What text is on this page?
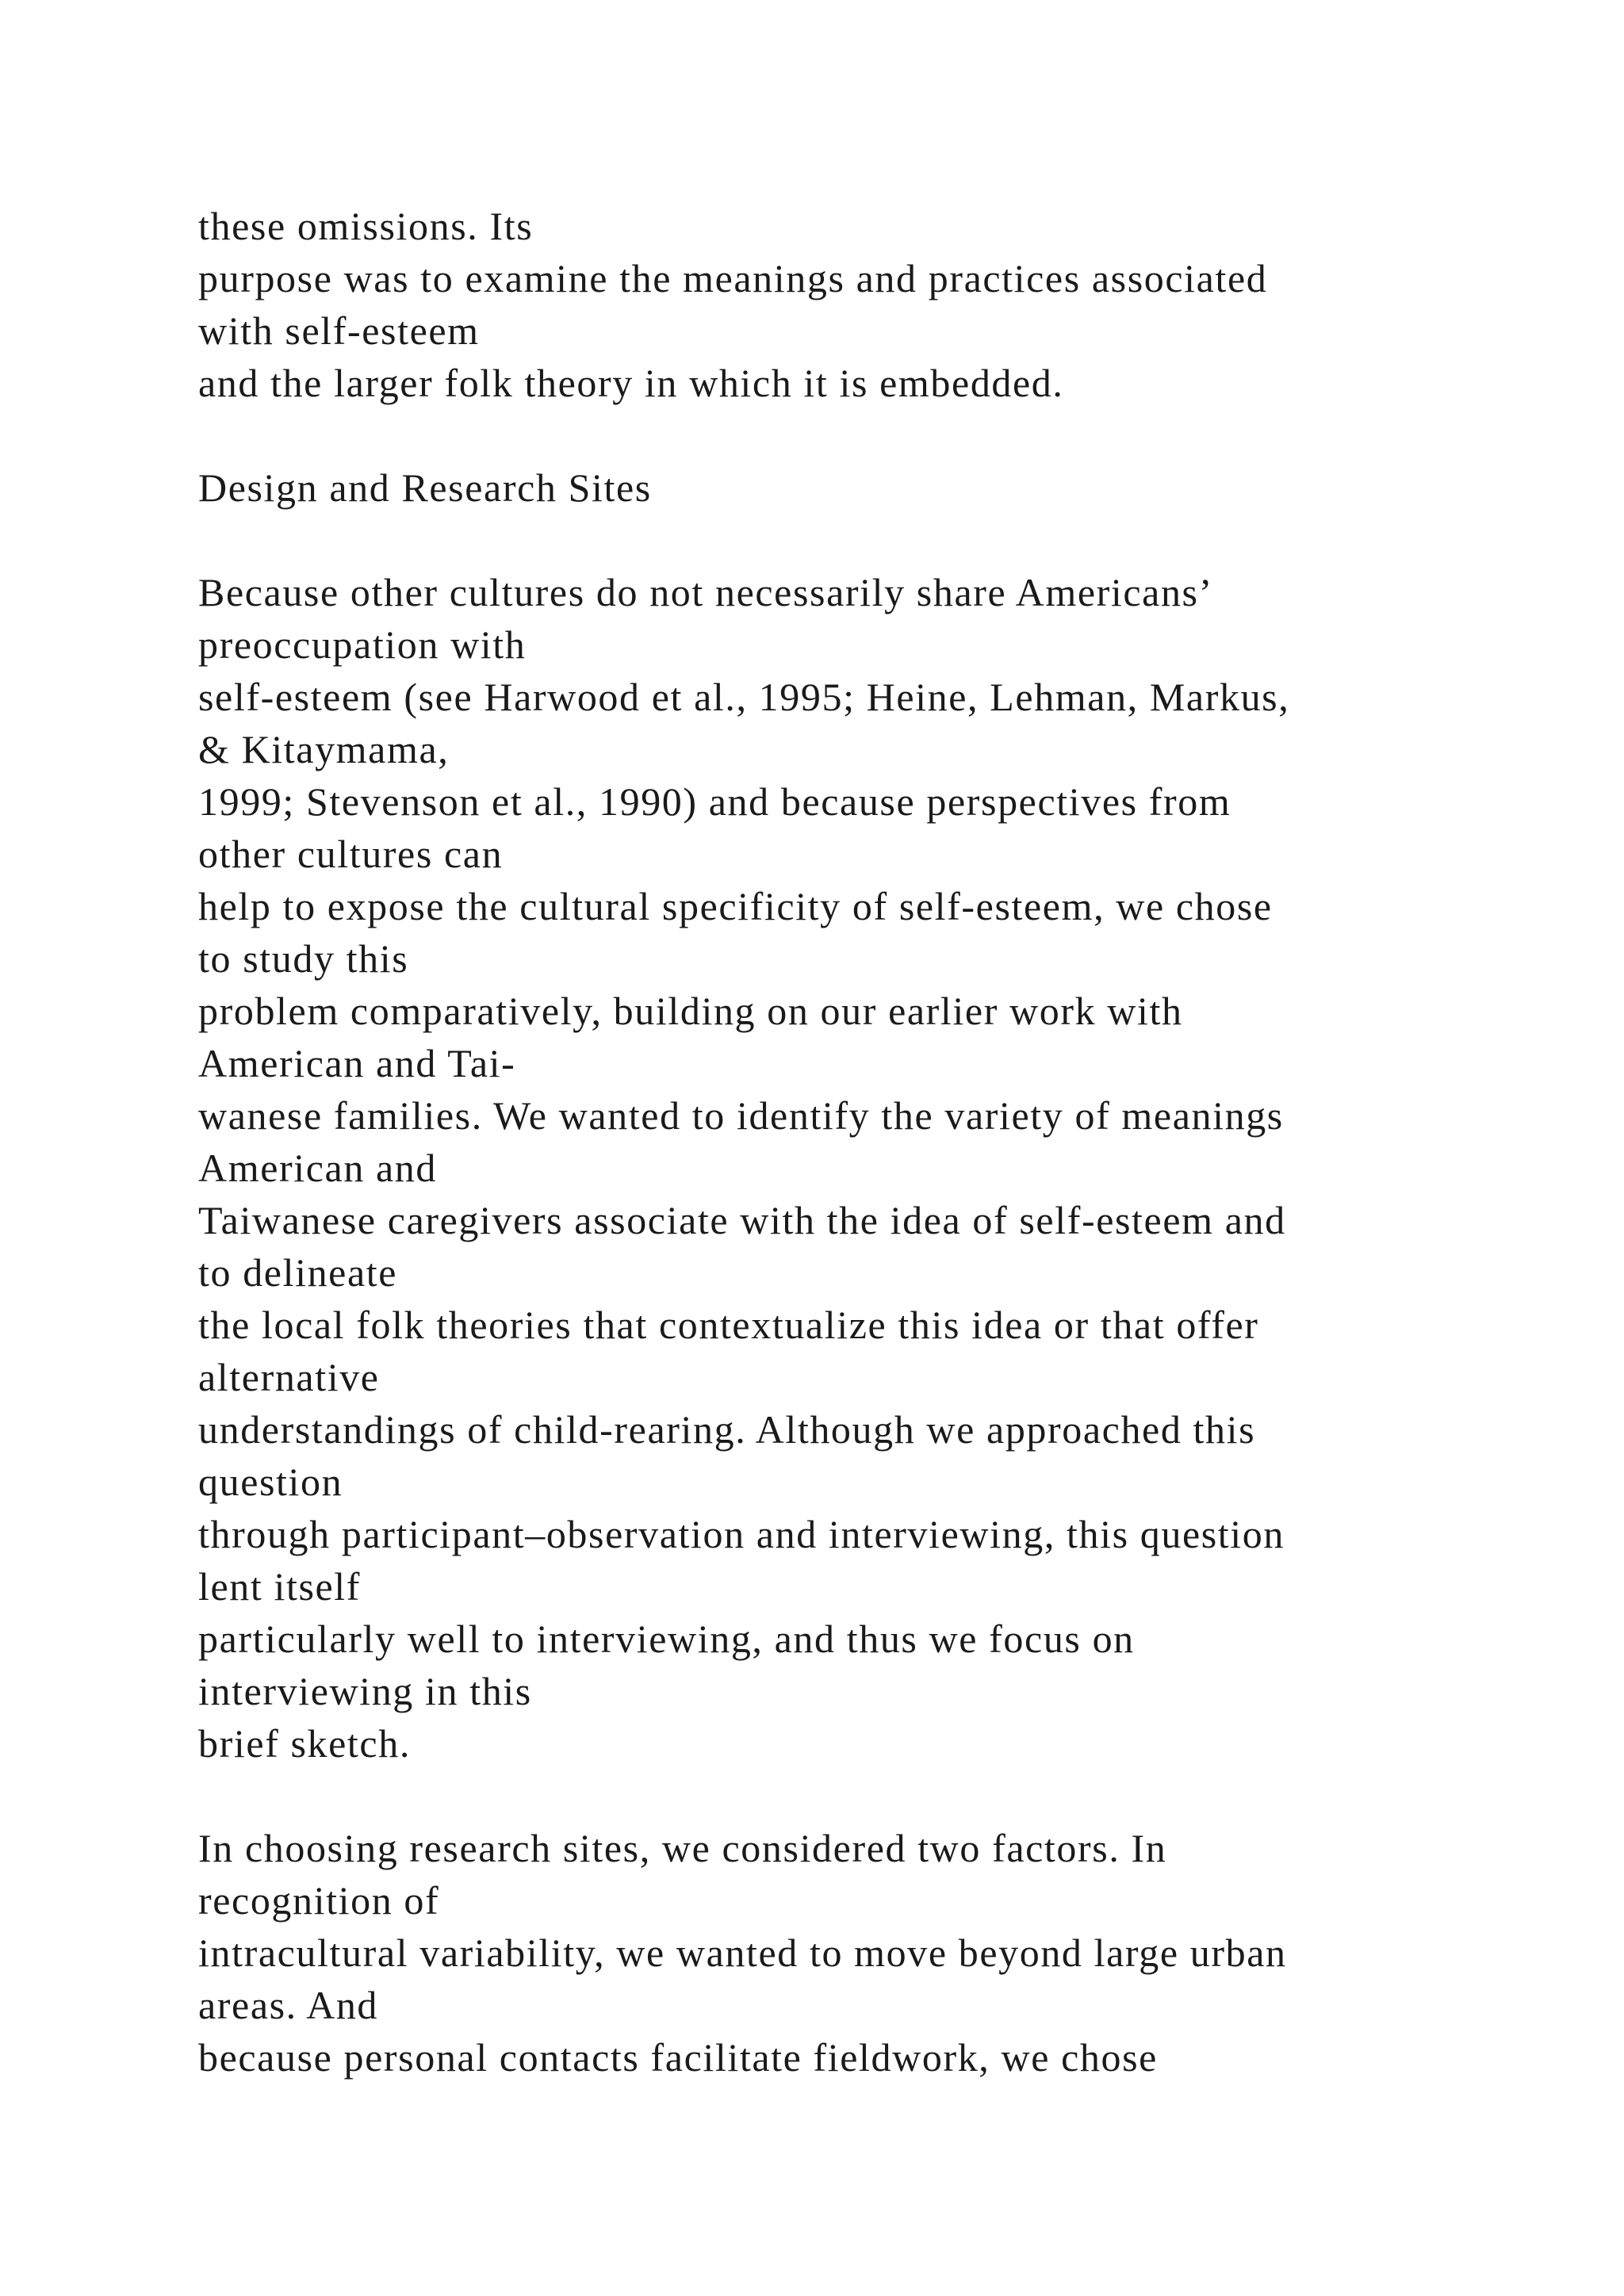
these omissions. Its
purpose was to examine the meanings and practices associated
with self-esteem
and the larger folk theory in which it is embedded.
Design and Research Sites
Because other cultures do not necessarily share Americans’
preoccupation with
self-esteem (see Harwood et al., 1995; Heine, Lehman, Markus,
& Kitaymama,
1999; Stevenson et al., 1990) and because perspectives from
other cultures can
help to expose the cultural specificity of self-esteem, we chose
to study this
problem comparatively, building on our earlier work with
American and Tai-
wanese families. We wanted to identify the variety of meanings
American and
Taiwanese caregivers associate with the idea of self-esteem and
to delineate
the local folk theories that contextualize this idea or that offer
alternative
understandings of child-rearing. Although we approached this
question
through participant–observation and interviewing, this question
lent itself
particularly well to interviewing, and thus we focus on
interviewing in this
brief sketch.
In choosing research sites, we considered two factors. In
recognition of
intracultural variability, we wanted to move beyond large urban
areas. And
because personal contacts facilitate fieldwork, we chose
